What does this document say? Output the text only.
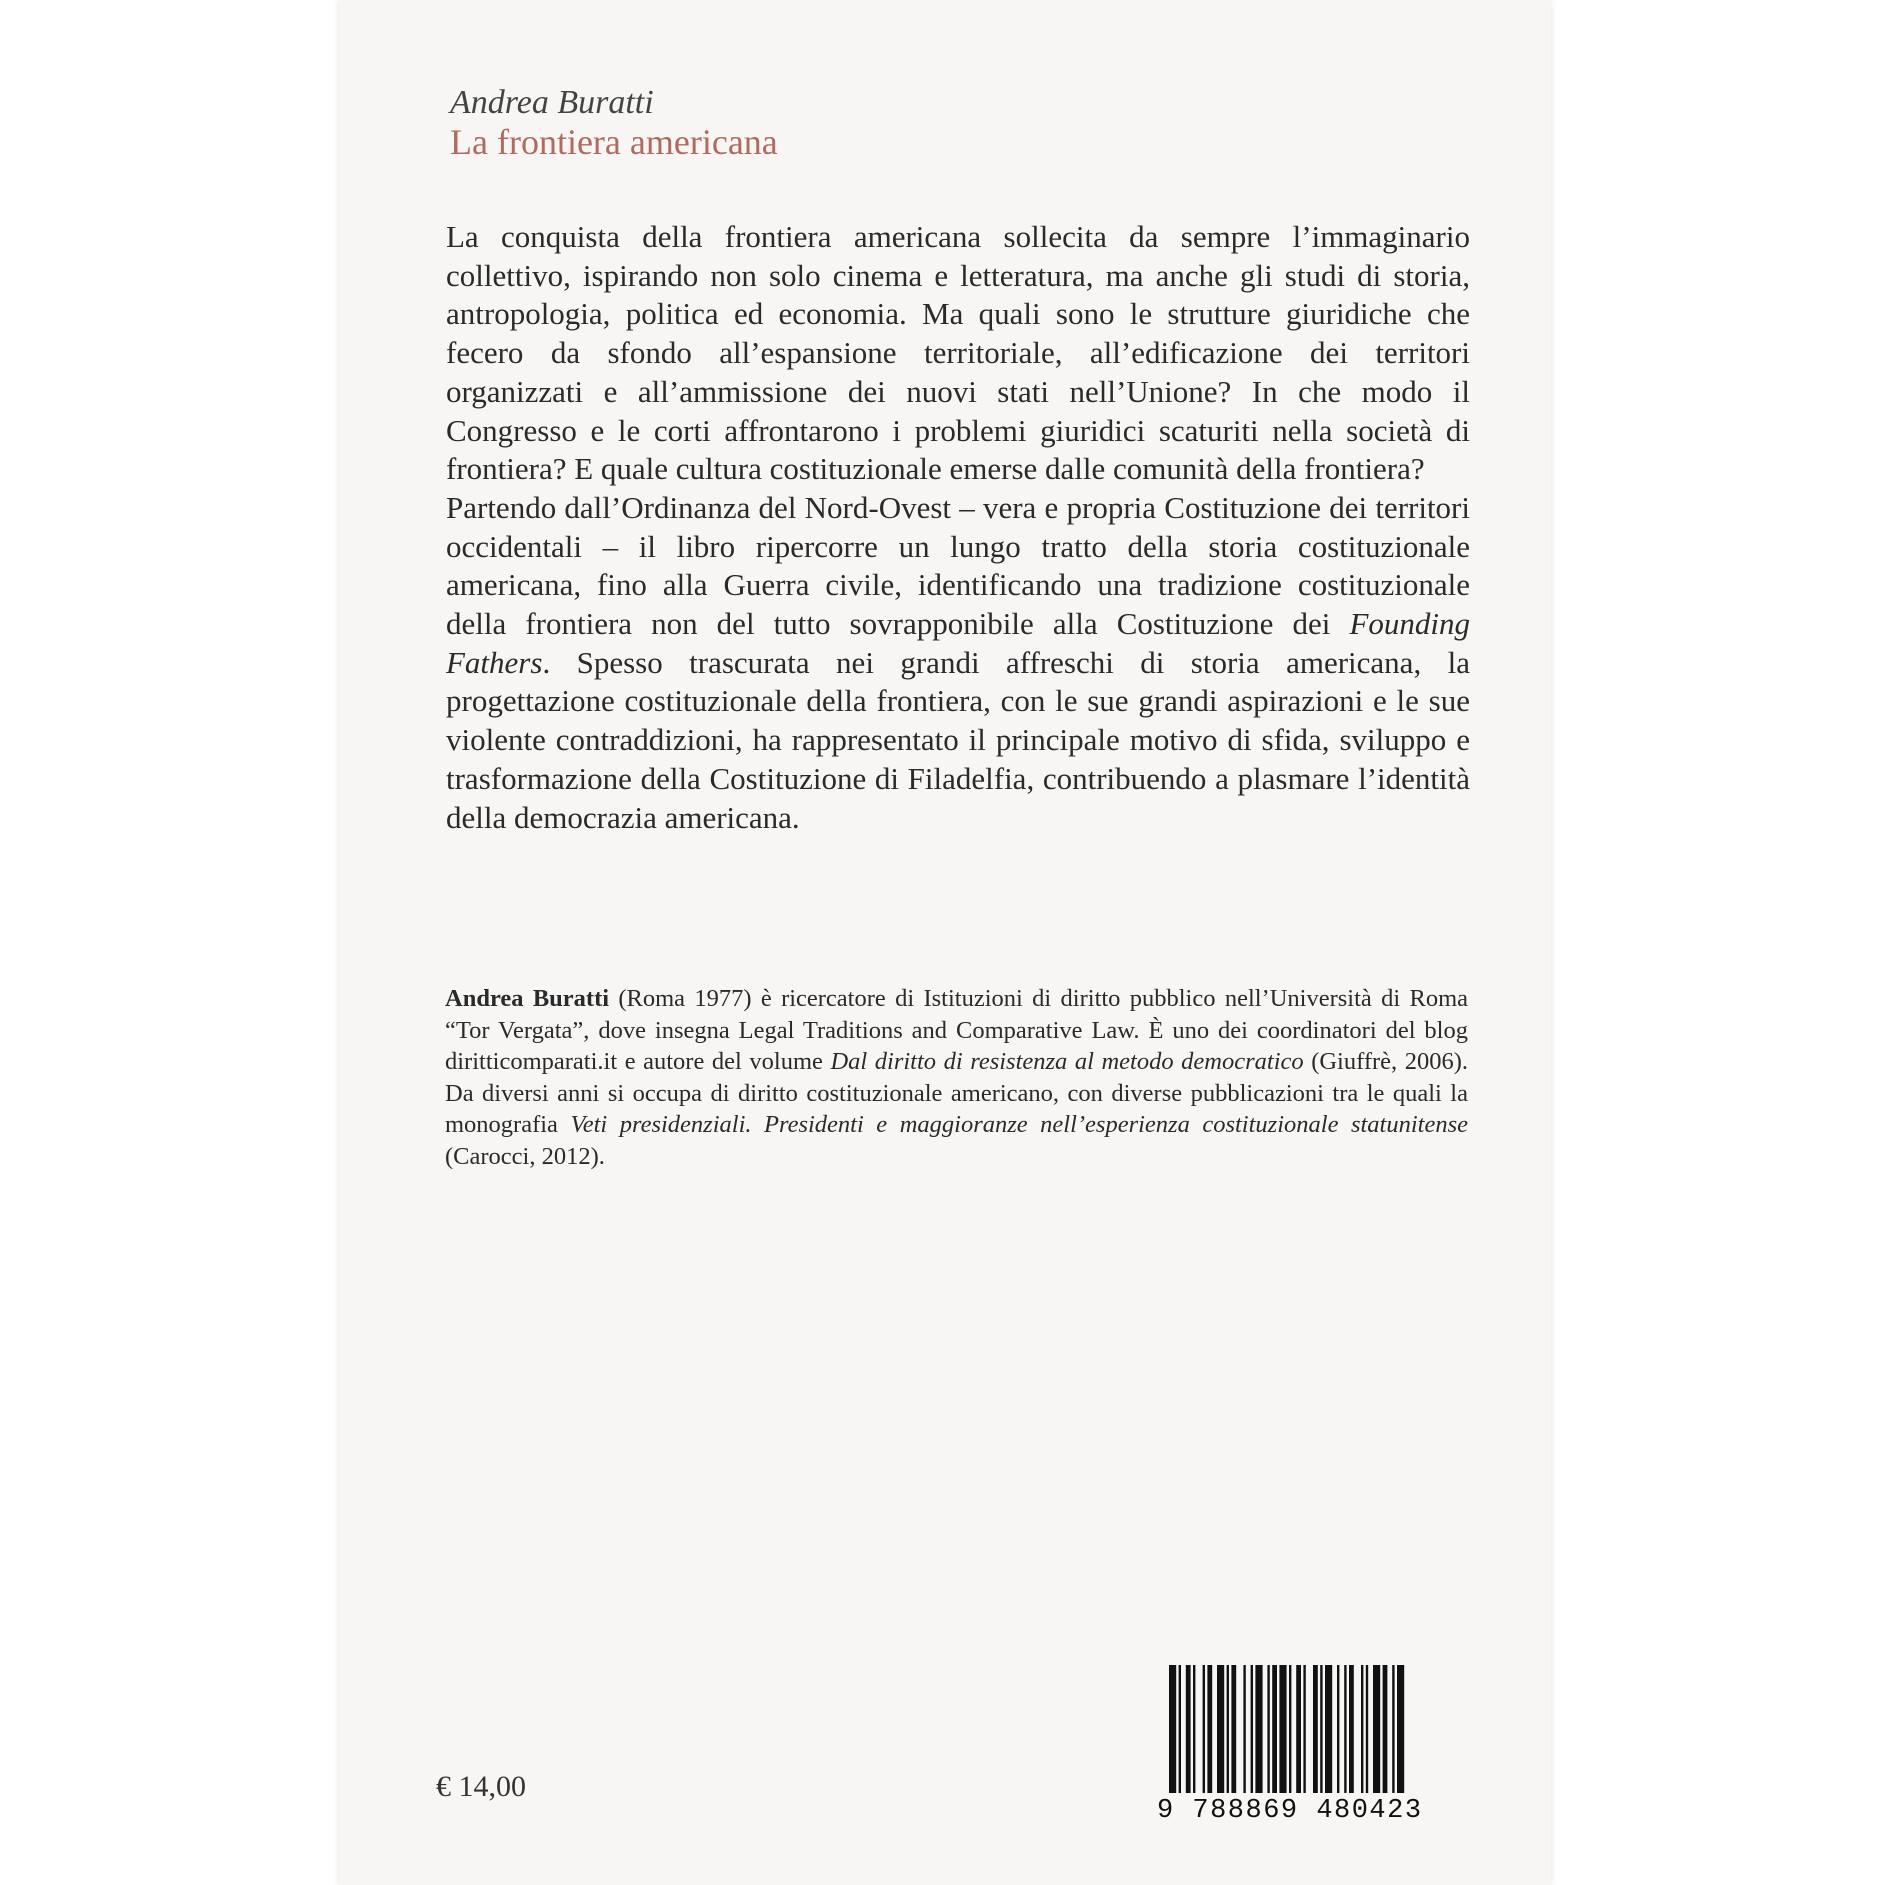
Andrea Buratti
La frontiera americana

La conquista della frontiera americana sollecita da sempre l’immaginario collettivo, ispirando non solo cinema e letteratura, ma anche gli studi di storia, antropologia, politica ed economia. Ma quali sono le strutture giuridiche che fecero da sfondo all’espansione territoriale, all’edificazione dei territori organizzati e all’ammissione dei nuovi stati nell’Unione? In che modo il Congresso e le corti affrontarono i problemi giuridici scaturiti nella società di frontiera? E quale cultura costituzionale emerse dalle comunità della frontiera?

Partendo dall’Ordinanza del Nord-Ovest – vera e propria Costituzione dei territori occidentali – il libro ripercorre un lungo tratto della storia costituzionale americana, fino alla Guerra civile, identificando una tradizione costituzionale della frontiera non del tutto sovrapponibile alla Costituzione dei Founding Fathers. Spesso trascurata nei grandi affreschi di storia americana, la progettazione costituzionale della frontiera, con le sue grandi aspirazioni e le sue violente contraddizioni, ha rappresentato il principale motivo di sfida, sviluppo e trasformazione della Costituzione di Filadelfia, contribuendo a plasmare l’identità della democrazia americana.

Andrea Buratti (Roma 1977) è ricercatore di Istituzioni di diritto pubblico nell’Università di Roma “Tor Vergata”, dove insegna Legal Traditions and Comparative Law. È uno dei coordinatori del blog diritticomparati.it e autore del volume Dal diritto di resistenza al metodo democratico (Giuffrè, 2006). Da diversi anni si occupa di diritto costituzionale americano, con diverse pubblicazioni tra le quali la monografia Veti presidenziali. Presidenti e maggioranze nell’esperienza costituzionale statunitense (Carocci, 2012).
€ 14,00
9 788869 480423
